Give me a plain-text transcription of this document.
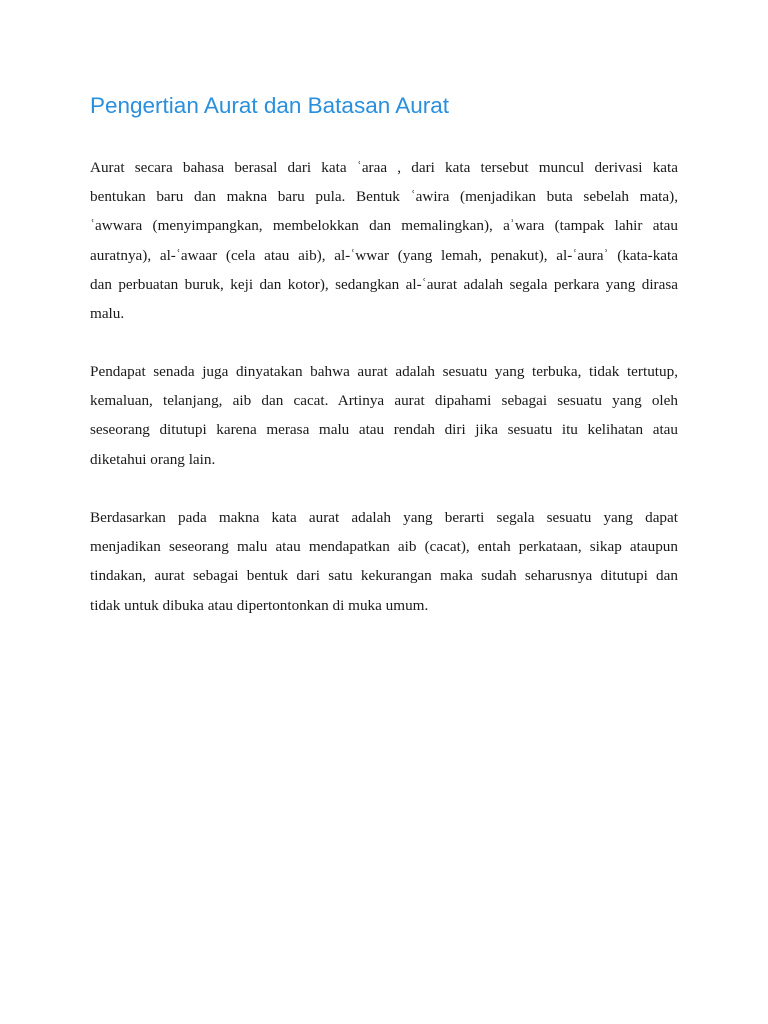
Pengertian Aurat dan Batasan Aurat

Aurat secara bahasa berasal dari kata ʿaraa , dari kata tersebut muncul derivasi kata
bentukan baru dan makna baru pula. Bentuk ʿawira (menjadikan buta sebelah mata),
ʿawwara (menyimpangkan, membelokkan dan memalingkan), aʾwara (tampak lahir atau
auratnya), al-ʿawaar (cela atau aib), al-ʿwwar (yang lemah, penakut), al-ʿauraʾ (kata-kata
dan perbuatan buruk, keji dan kotor), sedangkan al-ʿaurat adalah segala perkara yang dirasa
malu.

Pendapat senada juga dinyatakan bahwa aurat adalah sesuatu yang terbuka, tidak tertutup,
kemaluan, telanjang, aib dan cacat. Artinya aurat dipahami sebagai sesuatu yang oleh
seseorang ditutupi karena merasa malu atau rendah diri jika sesuatu itu kelihatan atau
diketahui orang lain.

Berdasarkan pada makna kata aurat adalah yang berarti segala sesuatu yang dapat
menjadikan seseorang malu atau mendapatkan aib (cacat), entah perkataan, sikap ataupun
tindakan, aurat sebagai bentuk dari satu kekurangan maka sudah seharusnya ditutupi dan
tidak untuk dibuka atau dipertontonkan di muka umum.
